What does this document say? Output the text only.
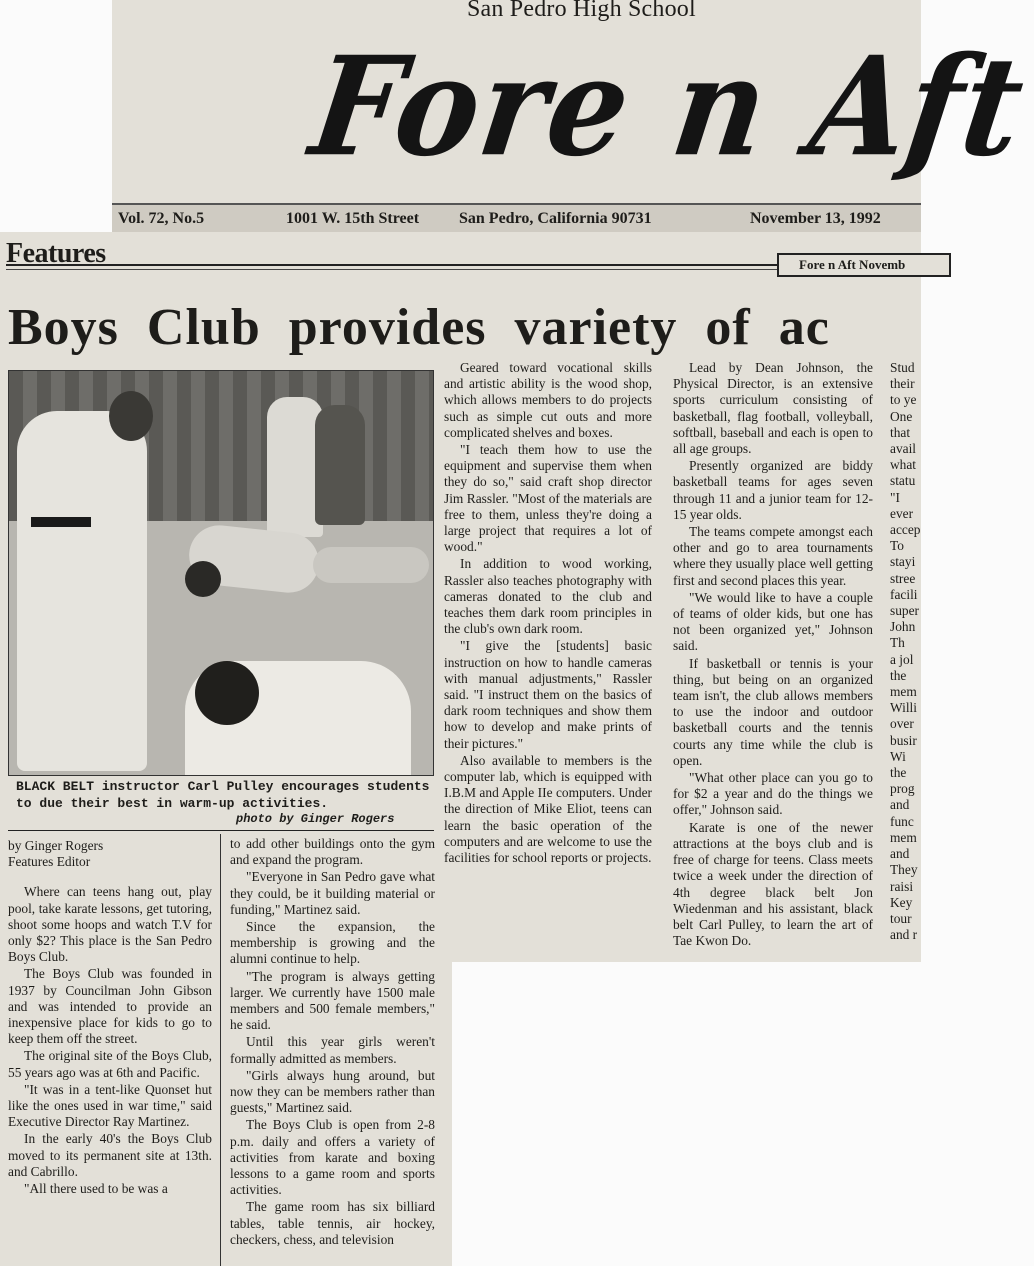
San Pedro High School
Fore n Aft
Vol. 72, No.5	1001 W. 15th Street San Pedro, California 90731	November 13, 1992
Features	Fore n Aft Novemb
Boys Club provides variety of ac
BLACK BELT instructor Carl Pulley encourages students to due their best in warm-up activities.
photo by Ginger Rogers

Geared toward vocational skills and artistic ability is the wood shop, which allows members to do projects such as simple cut outs and more complicated shelves and boxes.

"I teach them how to use the equipment and supervise them when they do so," said craft shop director Jim Rassler. "Most of the materials are free to them, unless they're doing a large project that requires a lot of wood."

In addition to wood working, Rassler also teaches photography with cameras donated to the club and teaches them dark room principles in the club's own dark room.

"I give the [students] basic instruction on how to handle cameras with manual adjustments," Rassler said. "I instruct them on the basics of dark room techniques and show them how to develop and make prints of their pictures."

Also available to members is the computer lab, which is equipped with I.B.M and Apple IIe computers. Under the direction of Mike Eliot, teens can learn the basic operation of the computers and are welcome to use the facilities for school reports or projects.

Lead by Dean Johnson, the Physical Director, is an extensive sports curriculum consisting of basketball, flag football, volleyball, softball, baseball and each is open to all age groups.

Presently organized are biddy basketball teams for ages seven through 11 and a junior team for 12-15 year olds.

The teams compete amongst each other and go to area tournaments where they usually place well getting first and second places this year.

"We would like to have a couple of teams of older kids, but one has not been organized yet," Johnson said.

If basketball or tennis is your thing, but being on an organized team isn't, the club allows members to use the indoor and outdoor basketball courts and the tennis courts any time while the club is open.

"What other place can you go to for $2 a year and do the things we offer," Johnson said.

Karate is one of the newer attractions at the boys club and is free of charge for teens. Class meets twice a week under the direction of 4th degree black belt Jon Wiedenman and his assistant, black belt Carl Pulley, to learn the art of Tae Kwon Do.

Stud
their
to ye
One
that
avail
what
statu
"I
ever
accep
To
stayi
stree
facili
super
John
Th
a jol
the
mem
Willi
over
busir
Wi
the
prog
and
func
mem
and
They
raisi
Key
tour
and r
by Ginger Rogers
Features Editor

Where can teens hang out, play pool, take karate lessons, get tutoring, shoot some hoops and watch T.V for only $2? This place is the San Pedro Boys Club.

The Boys Club was founded in 1937 by Councilman John Gibson and was intended to provide an inexpensive place for kids to go to keep them off the street.

The original site of the Boys Club, 55 years ago was at 6th and Pacific.

"It was in a tent-like Quonset hut like the ones used in war time," said Executive Director Ray Martinez.

In the early 40's the Boys Club moved to its permanent site at 13th. and Cabrillo.

"All there used to be was a

to add other buildings onto the gym and expand the program.

"Everyone in San Pedro gave what they could, be it building material or funding," Martinez said.

Since the expansion, the membership is growing and the alumni continue to help.

"The program is always getting larger. We currently have 1500 male members and 500 female members," he said.

Until this year girls weren't formally admitted as members.

"Girls always hung around, but now they can be members rather than guests," Martinez said.

The Boys Club is open from 2-8 p.m. daily and offers a variety of activities from karate and boxing lessons to a game room and sports activities.

The game room has six billiard tables, table tennis, air hockey, checkers, chess, and television
